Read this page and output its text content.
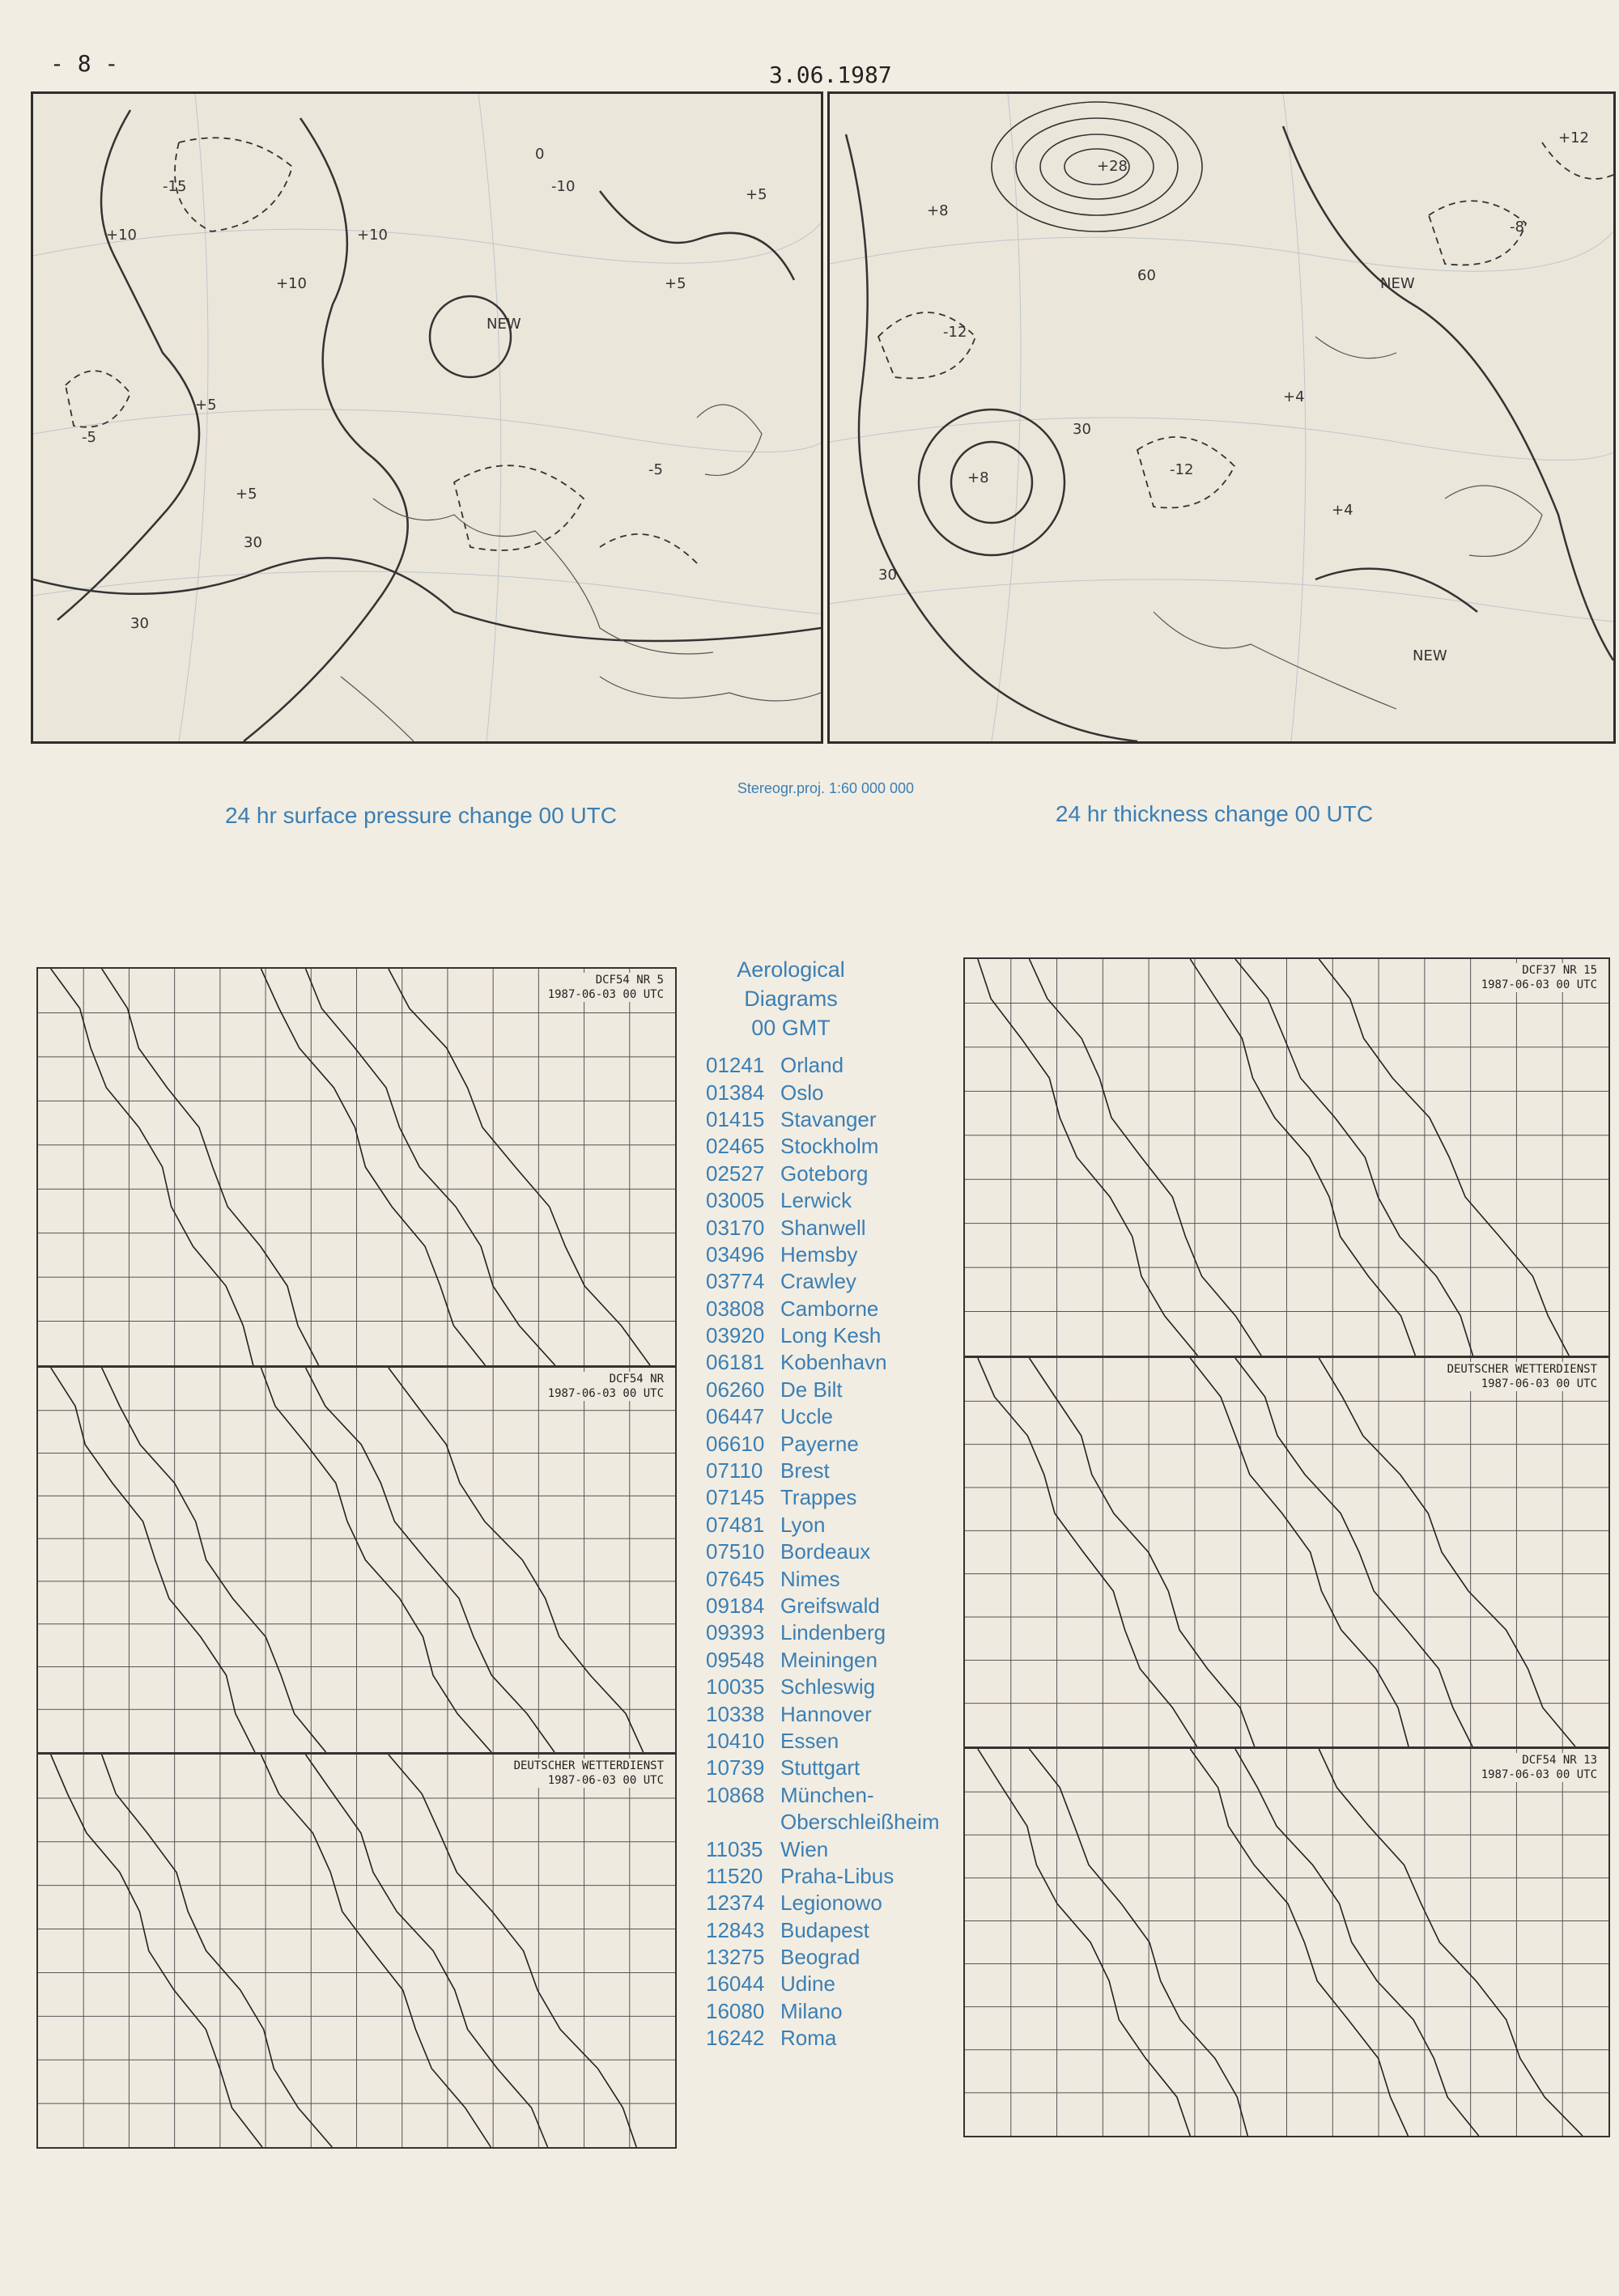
- 8 -	3.06.1987
+10
-15
+10
NEW
+5
-5
-5
+5
+5
+10
-10	+5
30
30
0
+28
+8
-12
+8	-12
+4
+4
-8
+12
30
60
30
NEW
NEW
Stereogr.proj. 1:60 000 000
24 hr surface pressure change 00 UTC	24 hr thickness change 00 UTC
DCF54 NR 5
1987-06-03 00 UTC
DCF54 NR
1987-06-03 00 UTC
DEUTSCHER WETTERDIENST
1987-06-03 00 UTC
DCF37 NR 15
1987-06-03 00 UTC
DEUTSCHER WETTERDIENST
1987-06-03 00 UTC
DCF54 NR 13
1987-06-03 00 UTC
Aerological
Diagrams
00 GMT
01241 Orland
01384 Oslo
01415 Stavanger
02465 Stockholm
02527 Goteborg
03005 Lerwick
03170 Shanwell
03496 Hemsby
03774 Crawley
03808 Camborne
03920 Long Kesh
06181 Kobenhavn
06260 De Bilt
06447 Uccle
06610 Payerne
07110 Brest
07145 Trappes
07481 Lyon
07510 Bordeaux
07645 Nimes
09184 Greifswald
09393 Lindenberg
09548 Meiningen
10035 Schleswig
10338 Hannover
10410 Essen
10739 Stuttgart
10868 München-
Oberschleißheim
11035 Wien
11520 Praha-Libus
12374 Legionowo
12843 Budapest
13275 Beograd
16044 Udine
16080 Milano
16242 Roma
